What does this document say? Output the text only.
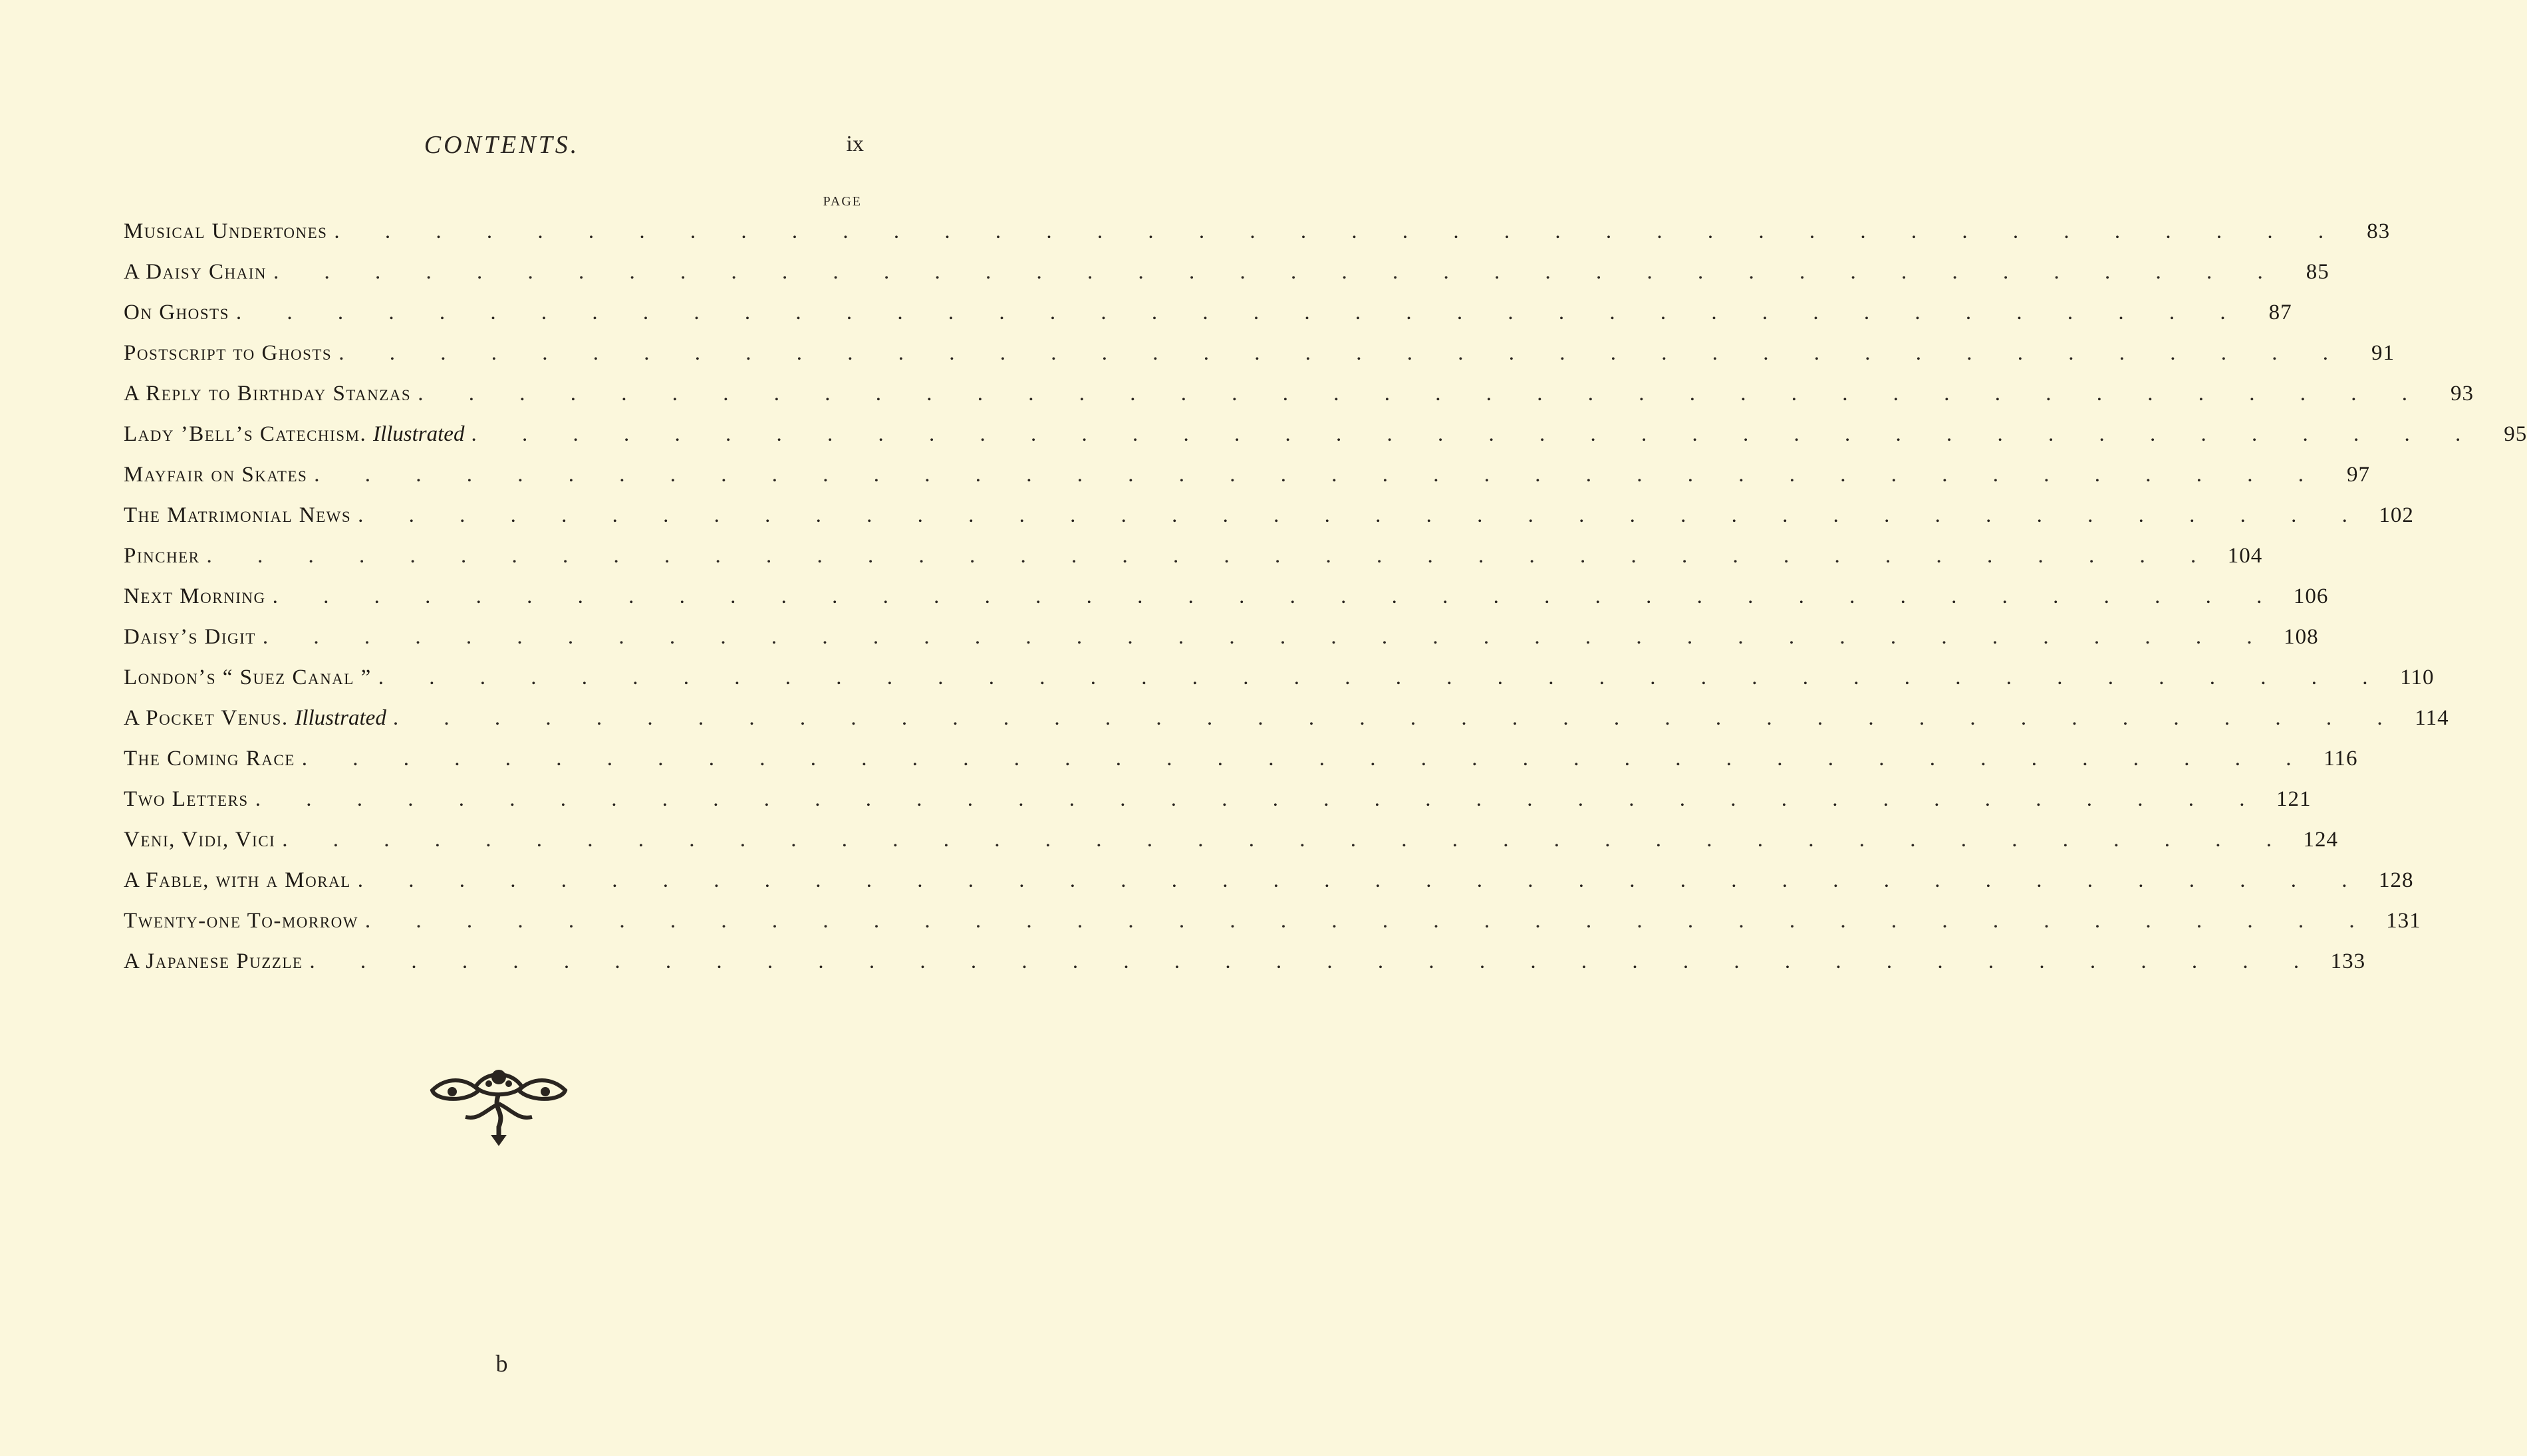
CONTENTS.	ix
PAGE
Musical Undertones . . . . . . . . . . . . . . . . . . . . . . . . . . . . . . . . . . . . . . . .	83
A Daisy Chain . . . . . . . . . . . . . . . . . . . . . . . . . . . . . . . . . . . . . . . .	85
On Ghosts . . . . . . . . . . . . . . . . . . . . . . . . . . . . . . . . . . . . . . . .	87
Postscript to Ghosts . . . . . . . . . . . . . . . . . . . . . . . . . . . . . . . . . . . . . . . .	91
A Reply to Birthday Stanzas . . . . . . . . . . . . . . . . . . . . . . . . . . . . . . . . . . . . . . . .	93
Lady ’Bell’s Catechism. Illustrated . . . . . . . . . . . . . . . . . . . . . . . . . . . . . . . . . . . . . . . .	95
Mayfair on Skates . . . . . . . . . . . . . . . . . . . . . . . . . . . . . . . . . . . . . . . .	97
The Matrimonial News . . . . . . . . . . . . . . . . . . . . . . . . . . . . . . . . . . . . . . . . 102
Pincher . . . . . . . . . . . . . . . . . . . . . . . . . . . . . . . . . . . . . . . . 104
Next Morning . . . . . . . . . . . . . . . . . . . . . . . . . . . . . . . . . . . . . . . . 106
Daisy’s Digit . . . . . . . . . . . . . . . . . . . . . . . . . . . . . . . . . . . . . . . . 108
London’s “ Suez Canal ” . . . . . . . . . . . . . . . . . . . . . . . . . . . . . . . . . . . . . . . . 110
A Pocket Venus. Illustrated . . . . . . . . . . . . . . . . . . . . . . . . . . . . . . . . . . . . . . . . 114
The Coming Race . . . . . . . . . . . . . . . . . . . . . . . . . . . . . . . . . . . . . . . . 116
Two Letters . . . . . . . . . . . . . . . . . . . . . . . . . . . . . . . . . . . . . . . . 121
Veni, Vidi, Vici . . . . . . . . . . . . . . . . . . . . . . . . . . . . . . . . . . . . . . . . 124
A Fable, with a Moral . . . . . . . . . . . . . . . . . . . . . . . . . . . . . . . . . . . . . . . . 128
Twenty-one To-morrow . . . . . . . . . . . . . . . . . . . . . . . . . . . . . . . . . . . . . . . . 131
A Japanese Puzzle . . . . . . . . . . . . . . . . . . . . . . . . . . . . . . . . . . . . . . . . 133
b
